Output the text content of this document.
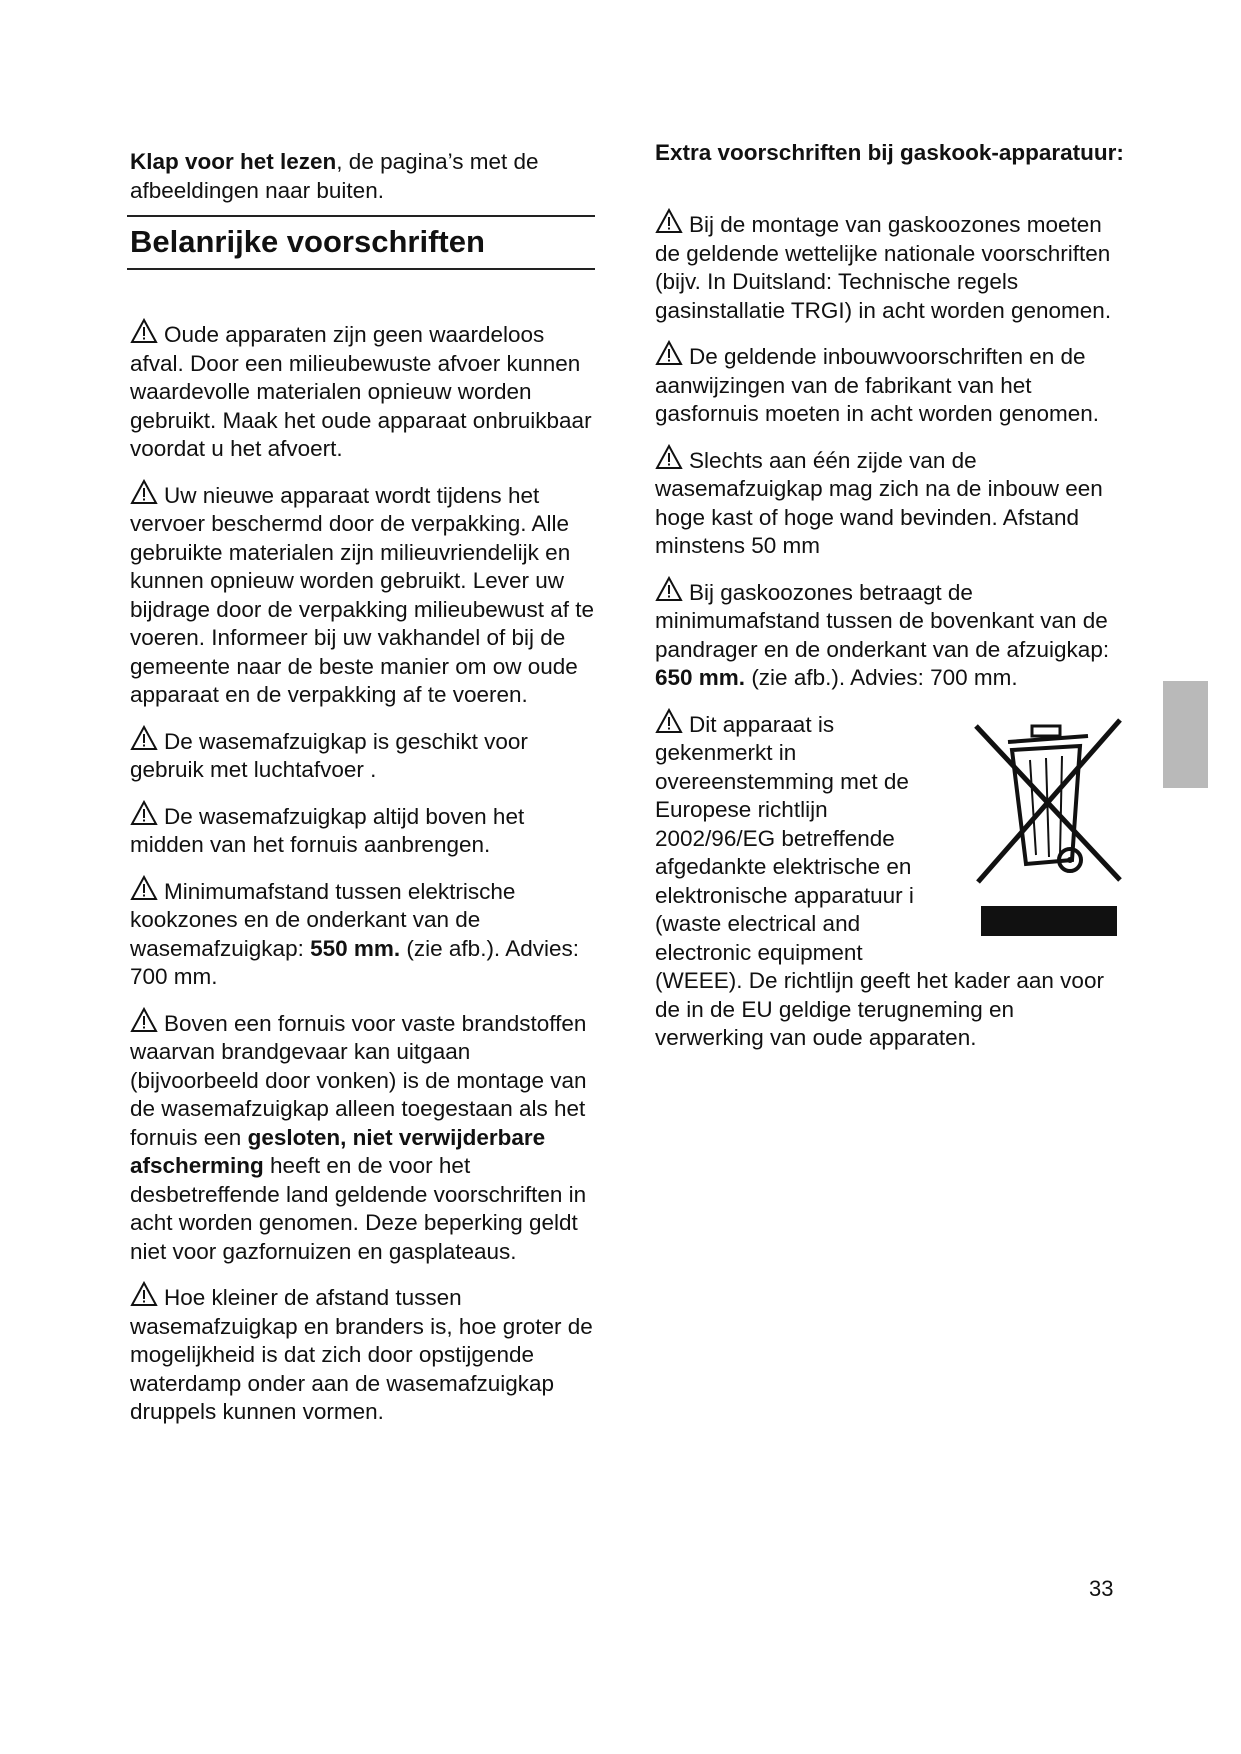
Klap voor het lezen, de pagina’s met de afbeeldingen naar buiten.

Belanrijke voorschriften

Oude apparaten zijn geen waardeloos afval. Door een milieubewuste afvoer kunnen waardevolle materialen opnieuw worden gebruikt. Maak het oude apparaat onbruikbaar voordat u het afvoert.

Uw nieuwe apparaat wordt tijdens het vervoer beschermd door de verpakking. Alle gebruikte materialen zijn milieuvriendelijk en kunnen opnieuw worden gebruikt. Lever uw bijdrage door de verpakking milieubewust af te voeren. Informeer bij uw vakhandel of bij de gemeente naar de beste manier om ow oude apparaat en de verpakking af te voeren.

De wasemafzuigkap is geschikt voor gebruik met luchtafvoer .

De wasemafzuigkap altijd boven het midden van het fornuis aanbrengen.

Minimumafstand tussen elektrische kookzones en de onderkant van de wasemafzuigkap: 550 mm. (zie afb.). Advies: 700 mm.

Boven een fornuis voor vaste brandstoffen waarvan brandgevaar kan uitgaan (bijvoorbeeld door vonken) is de montage van de wasemafzuigkap alleen toegestaan als het fornuis een gesloten, niet verwijderbare afscherming heeft en de voor het desbetreffende land geldende voorschriften in acht worden genomen. Deze beperking geldt niet voor gazfornuizen en gasplateaus.

Hoe kleiner de afstand tussen wasemafzuigkap en branders is, hoe groter de mogelijkheid is dat zich door opstijgende waterdamp onder aan de wasemafzuigkap druppels kunnen vormen.

Extra voorschriften bij gaskook-apparatuur:

Bij de montage van gaskoozones moeten de geldende wettelijke nationale voorschriften (bijv. In Duitsland: Technische regels gasinstallatie TRGI) in acht worden genomen.

De geldende inbouwvoorschriften en de aanwijzingen van de fabrikant van het gasfornuis moeten in acht worden genomen.

Slechts aan één zijde van de wasemafzuigkap mag zich na de inbouw een hoge kast of hoge wand bevinden. Afstand minstens 50 mm

Bij gaskoozones betraagt de minimumafstand tussen de bovenkant van de pandrager en de onderkant van de afzuigkap: 650 mm. (zie afb.). Advies: 700 mm.

Dit apparaat is gekenmerkt in overeenstemming met de Europese richtlijn 2002/96/EG betreffende afgedankte elektrische en elektronische apparatuur i (waste electrical and electronic equipment

(WEEE). De richtlijn geeft het kader aan voor de in de EU geldige terugneming en verwerking van oude apparaten.

33
